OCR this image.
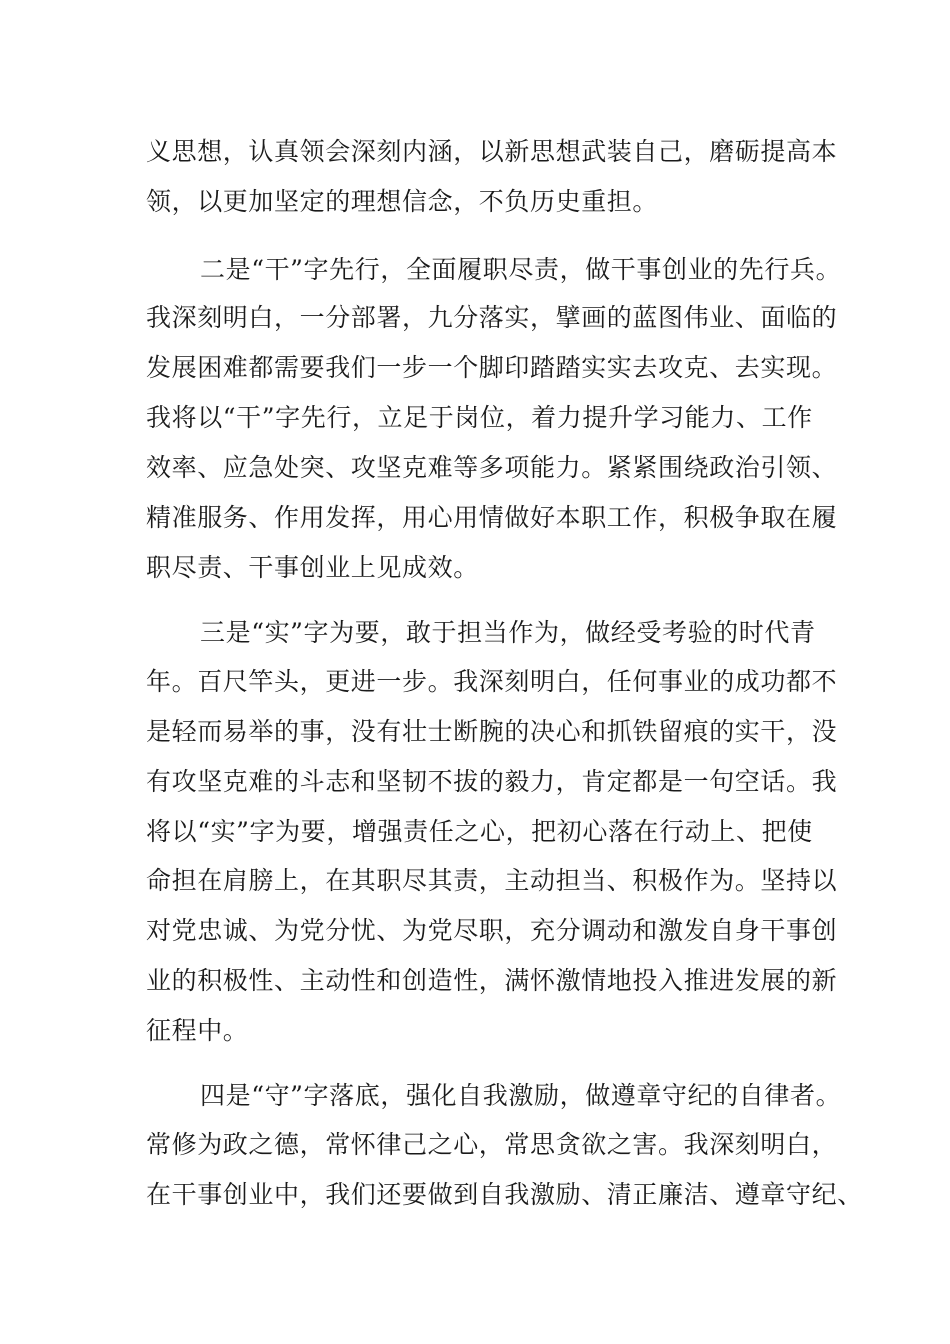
义思想，认真领会深刻内涵，以新思想武装自己，磨砺提高本
领，以更加坚定的理想信念，不负历史重担。
二是“干”字先行，全面履职尽责，做干事创业的先行兵。
我深刻明白，一分部署，九分落实，擘画的蓝图伟业、面临的
发展困难都需要我们一步一个脚印踏踏实实去攻克、去实现。
我将以“干”字先行，立足于岗位，着力提升学习能力、工作
效率、应急处突、攻坚克难等多项能力。紧紧围绕政治引领、
精准服务、作用发挥，用心用情做好本职工作，积极争取在履
职尽责、干事创业上见成效。
三是“实”字为要，敢于担当作为，做经受考验的时代青
年。百尺竿头，更进一步。我深刻明白，任何事业的成功都不
是轻而易举的事，没有壮士断腕的决心和抓铁留痕的实干，没
有攻坚克难的斗志和坚韧不拔的毅力，肯定都是一句空话。我
将以“实”字为要，增强责任之心，把初心落在行动上、把使
命担在肩膀上，在其职尽其责，主动担当、积极作为。坚持以
对党忠诚、为党分忧、为党尽职，充分调动和激发自身干事创
业的积极性、主动性和创造性，满怀激情地投入推进发展的新
征程中。
四是“守”字落底，强化自我激励，做遵章守纪的自律者。
常修为政之德，常怀律己之心，常思贪欲之害。我深刻明白，
在干事创业中，我们还要做到自我激励、清正廉洁、遵章守纪、
